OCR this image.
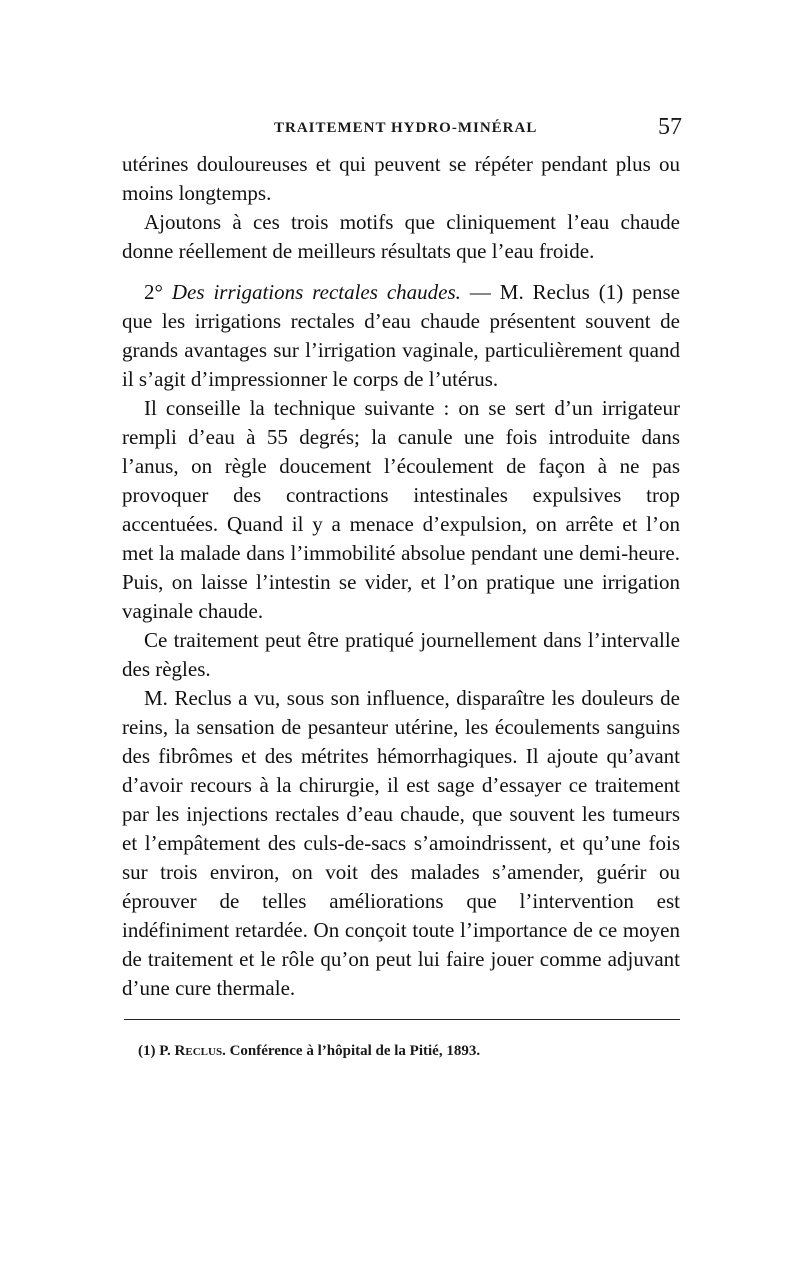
TRAITEMENT HYDRO-MINÉRAL	57

utérines douloureuses et qui peuvent se répéter pendant plus ou moins longtemps.

Ajoutons à ces trois motifs que cliniquement l’eau chaude donne réellement de meilleurs résultats que l’eau froide.

2° Des irrigations rectales chaudes. — M. Reclus (1) pense que les irrigations rectales d’eau chaude présentent souvent de grands avantages sur l’irrigation vaginale, particulièrement quand il s’agit d’impressionner le corps de l’utérus.

Il conseille la technique suivante : on se sert d’un irrigateur rempli d’eau à 55 degrés; la canule une fois introduite dans l’anus, on règle doucement l’écoulement de façon à ne pas provoquer des contractions intestinales expulsives trop accentuées. Quand il y a menace d’expulsion, on arrête et l’on met la malade dans l’immobilité absolue pendant une demi-heure. Puis, on laisse l’intestin se vider, et l’on pratique une irrigation vaginale chaude.

Ce traitement peut être pratiqué journellement dans l’intervalle des règles.

M. Reclus a vu, sous son influence, disparaître les douleurs de reins, la sensation de pesanteur utérine, les écoulements sanguins des fibrômes et des métrites hémorrhagiques. Il ajoute qu’avant d’avoir recours à la chirurgie, il est sage d’essayer ce traitement par les injections rectales d’eau chaude, que souvent les tumeurs et l’empâtement des culs-de-sacs s’amoindrissent, et qu’une fois sur trois environ, on voit des malades s’amender, guérir ou éprouver de telles améliorations que l’intervention est indéfiniment retardée. On conçoit toute l’importance de ce moyen de traitement et le rôle qu’on peut lui faire jouer comme adjuvant d’une cure thermale.

(1) P. Reclus. Conférence à l’hôpital de la Pitié, 1893.
